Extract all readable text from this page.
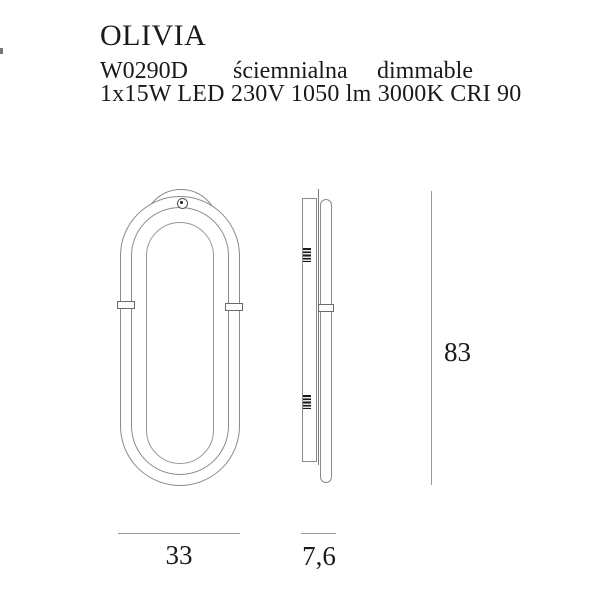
OLIVIA
W0290D ściemnialna dimmable
1x15W LED 230V 1050 lm 3000K CRI 90
83
33	7,6
